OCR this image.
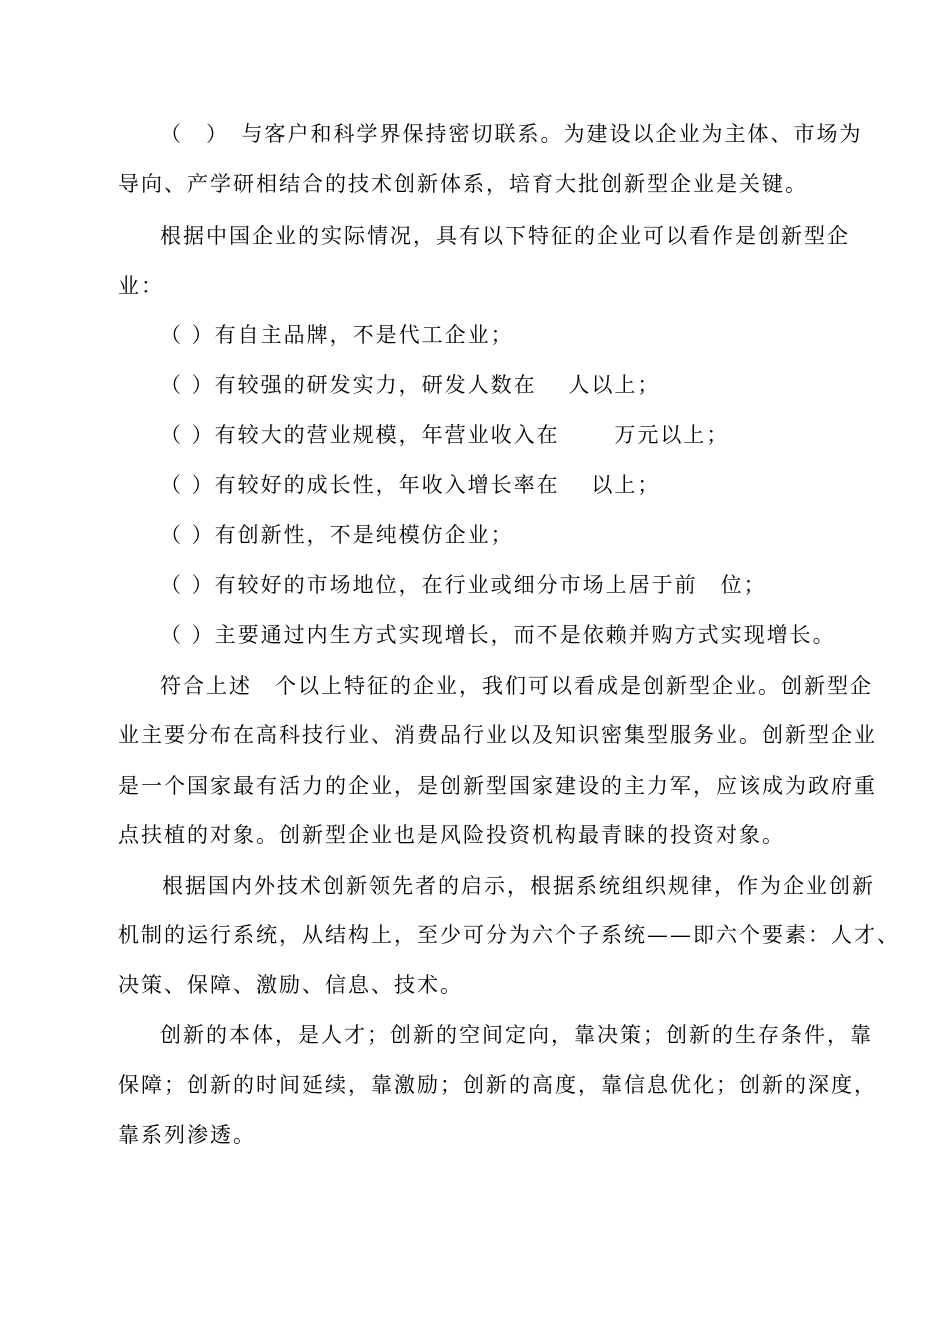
（　）　与客户和科学界保持密切联系。为建设以企业为主体、市场为
导向、产学研相结合的技术创新体系，培育大批创新型企业是关键。
根据中国企业的实际情况，具有以下特征的企业可以看作是创新型企
业：
（ ）有自主品牌，不是代工企业；
（ ）有较强的研发实力，研发人数在　 人以上；
（ ）有较大的营业规模，年营业收入在　　 万元以上；
（ ）有较好的成长性，年收入增长率在　 以上；
（ ）有创新性，不是纯模仿企业；
（ ）有较好的市场地位，在行业或细分市场上居于前　位；
（ ）主要通过内生方式实现增长，而不是依赖并购方式实现增长。
符合上述　个以上特征的企业，我们可以看成是创新型企业。创新型企
业主要分布在高科技行业、消费品行业以及知识密集型服务业。创新型企业
是一个国家最有活力的企业，是创新型国家建设的主力军，应该成为政府重
点扶植的对象。创新型企业也是风险投资机构最青睐的投资对象。
根据国内外技术创新领先者的启示，根据系统组织规律，作为企业创新
机制的运行系统，从结构上，至少可分为六个子系统——即六个要素：人才、
决策、保障、激励、信息、技术。
创新的本体，是人才；创新的空间定向，靠决策；创新的生存条件，靠
保障；创新的时间延续，靠激励；创新的高度，靠信息优化；创新的深度，
靠系列渗透。
